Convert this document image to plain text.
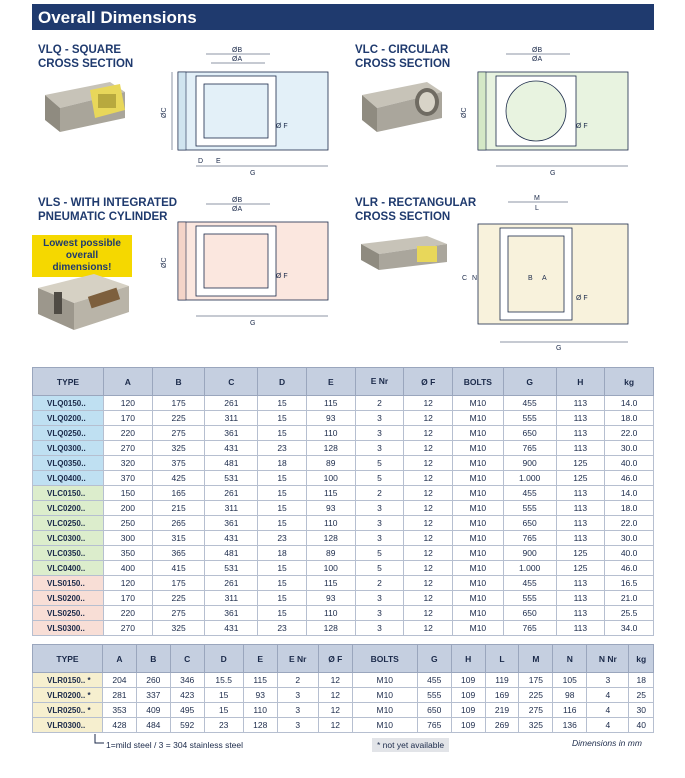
Overall Dimensions
VLQ - SQUARE
CROSS SECTION
VLC - CIRCULAR
CROSS SECTION
VLS - WITH INTEGRATED
PNEUMATIC CYLINDER
VLR - RECTANGULAR
CROSS SECTION
Lowest possible
overall dimensions!
ØB
ØA
ØC
Ø F
D E
G
ØB
ØA
ØC
Ø F
G
ØB
ØA
ØC
Ø F
G
M
L
C N	B A
Ø F
G
TYPE	A	B	C	D	E	E Nr	Ø F	BOLTS	G	H	kg
VLQ0150..	120	175	261	15	115	2	12	M10	455	113	14.0
VLQ0200..	170	225	311	15	93	3	12	M10	555	113	18.0
VLQ0250..	220	275	361	15	110	3	12	M10	650	113	22.0
VLQ0300..	270	325	431	23	128	3	12	M10	765	113	30.0
VLQ0350..	320	375	481	18	89	5	12	M10	900	125	40.0
VLQ0400..	370	425	531	15	100	5	12	M10	1.000	125	46.0
VLC0150..	150	165	261	15	115	2	12	M10	455	113	14.0
VLC0200..	200	215	311	15	93	3	12	M10	555	113	18.0
VLC0250..	250	265	361	15	110	3	12	M10	650	113	22.0
VLC0300..	300	315	431	23	128	3	12	M10	765	113	30.0
VLC0350..	350	365	481	18	89	5	12	M10	900	125	40.0
VLC0400..	400	415	531	15	100	5	12	M10	1.000	125	46.0
VLS0150..	120	175	261	15	115	2	12	M10	455	113	16.5
VLS0200..	170	225	311	15	93	3	12	M10	555	113	21.0
VLS0250..	220	275	361	15	110	3	12	M10	650	113	25.5
VLS0300..	270	325	431	23	128	3	12	M10	765	113	34.0
TYPE	A	B	C	D	E	E Nr	Ø F	BOLTS	G	H	L	M	N	N Nr	kg
VLR0150.. *	204	260	346	15.5	115	2	12	M10	455	109	119	175	105	3	18
VLR0200.. *	281	337	423	15	93	3	12	M10	555	109	169	225	98	4	25
VLR0250.. *	353	409	495	15	110	3	12	M10	650	109	219	275	116	4	30
VLR0300..	428	484	592	23	128	3	12	M10	765	109	269	325	136	4	40
1=mild steel / 3 = 304 stainless steel	* not yet available	Dimensions in mm
